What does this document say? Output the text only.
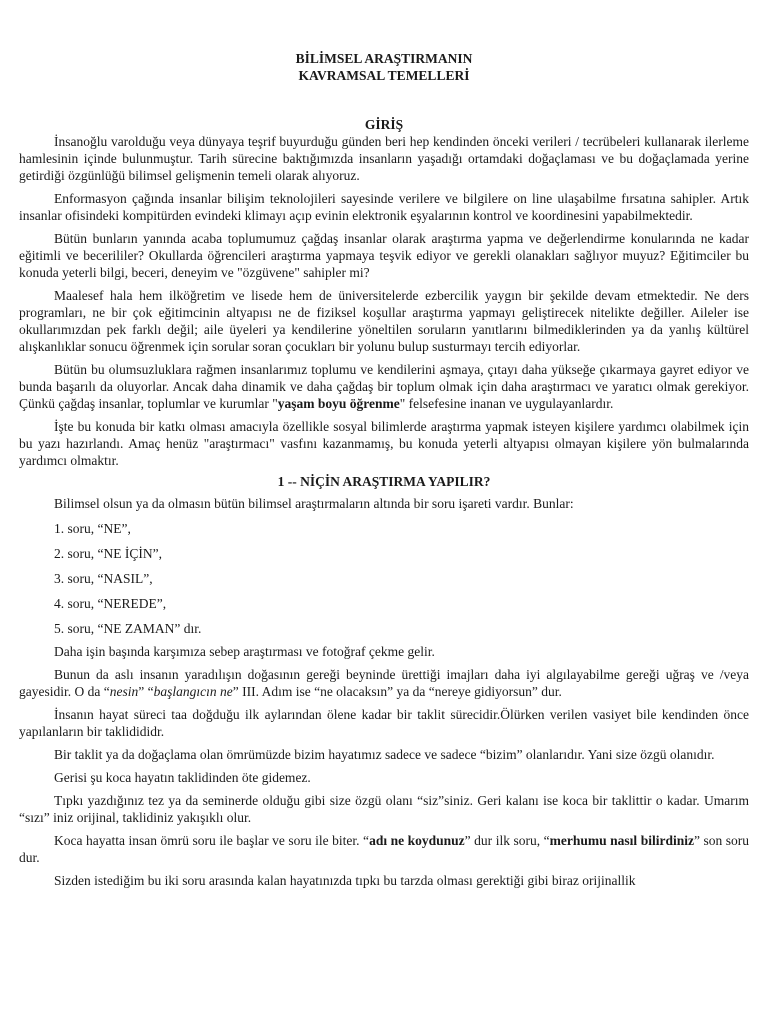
BİLİMSEL ARAŞTIRMANIN
KAVRAMSAL TEMELLERİ
GİRİŞ

İnsanoğlu varolduğu veya dünyaya teşrif buyurduğu günden beri hep kendinden önceki verileri / tecrübeleri kullanarak ilerleme hamlesinin içinde bulunmuştur. Tarih sürecine baktığımızda insanların yaşadığı ortamdaki doğaçlaması ve bu doğaçlamada yerine getirdiği özgünlüğü bilimsel gelişmenin temeli olarak alıyoruz.

Enformasyon çağında insanlar bilişim teknolojileri sayesinde verilere ve bilgilere on line ulaşabilme fırsatına sahipler. Artık insanlar ofisindeki kompitürden evindeki klimayı açıp evinin elektronik eşyalarının kontrol ve koordinesini yapabilmektedir.

Bütün bunların yanında acaba toplumumuz çağdaş insanlar olarak araştırma yapma ve değerlendirme konularında ne kadar eğitimli ve becerililer? Okullarda öğrencileri araştırma yapmaya teşvik ediyor ve gerekli olanakları sağlıyor muyuz? Eğitimciler bu konuda yeterli bilgi, beceri, deneyim ve "özgüvene" sahipler mi?

Maalesef hala hem ilköğretim ve lisede hem de üniversitelerde ezbercilik yaygın bir şekilde devam etmektedir. Ne ders programları, ne bir çok eğitimcinin altyapısı ne de fiziksel koşullar araştırma yapmayı geliştirecek nitelikte değiller. Aileler ise okullarımızdan pek farklı değil; aile üyeleri ya kendilerine yöneltilen soruların yanıtlarını bilmediklerinden ya da yanlış kültürel alışkanlıklar sonucu öğrenmek için sorular soran çocukları bir yolunu bulup susturmayı tercih ediyorlar.

Bütün bu olumsuzluklara rağmen insanlarımız toplumu ve kendilerini aşmaya, çıtayı daha yükseğe çıkarmaya gayret ediyor ve bunda başarılı da oluyorlar. Ancak daha dinamik ve daha çağdaş bir toplum olmak için daha araştırmacı ve yaratıcı olmak gerekiyor. Çünkü çağdaş insanlar, toplumlar ve kurumlar "yaşam boyu öğrenme" felsefesine inanan ve uygulayanlardır.

İşte bu konuda bir katkı olması amacıyla özellikle sosyal bilimlerde araştırma yapmak isteyen kişilere yardımcı olabilmek için bu yazı hazırlandı. Amaç henüz "araştırmacı" vasfını kazanmamış, bu konuda yeterli altyapısı olmayan kişilere yön bulmalarında yardımcı olmaktır.

1 -- NİÇİN ARAŞTIRMA YAPILIR?

Bilimsel olsun ya da olmasın bütün bilimsel araştırmaların altında bir soru işareti vardır. Bunlar:

1. soru, “NE”,

2. soru, “NE İÇİN”,

3. soru, “NASIL”,

4. soru, “NEREDE”,

5. soru, “NE ZAMAN” dır.

Daha işin başında karşımıza sebep araştırması ve fotoğraf çekme gelir.

Bunun da aslı insanın yaradılışın doğasının gereği beyninde ürettiği imajları daha iyi algılayabilme gereği uğraş ve /veya gayesidir. O da “nesin” “başlangıcın ne” III. Adım ise “ne olacaksın” ya da “nereye gidiyorsun” dur.

İnsanın hayat süreci taa doğduğu ilk aylarından ölene kadar bir taklit sürecidir.Ölürken verilen vasiyet bile kendinden önce yapılanların bir taklidididr.

Bir taklit ya da doğaçlama olan ömrümüzde bizim hayatımız sadece ve sadece “bizim” olanlarıdır. Yani size özgü olanıdır.

Gerisi şu koca hayatın taklidinden öte gidemez.

Tıpkı yazdığınız tez ya da seminerde olduğu gibi size özgü olanı “siz”siniz. Geri kalanı ise koca bir taklittir o kadar. Umarım “sızı” iniz orijinal, taklidiniz yakışıklı olur.

Koca hayatta insan ömrü soru ile başlar ve soru ile biter. “adı ne koydunuz” dur ilk soru, “merhumu nasıl bilirdiniz” son soru dur.

Sizden istediğim bu iki soru arasında kalan hayatınızda tıpkı bu tarzda olması gerektiği gibi biraz orijinallik
